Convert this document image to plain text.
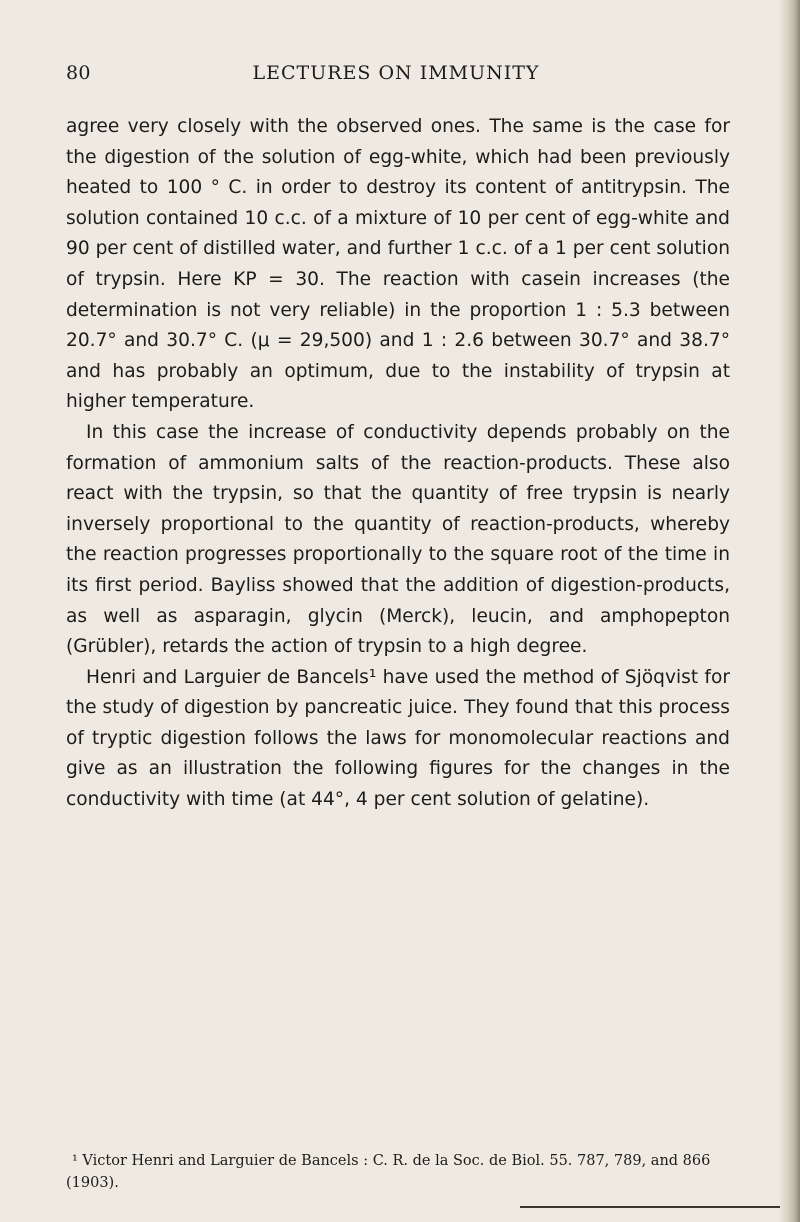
80	LECTURES ON IMMUNITY

agree very closely with the observed ones. The same is the case for the digestion of the solution of egg-white, which had been previously heated to 100 ° C. in order to destroy its content of antitrypsin. The solution contained 10 c.c. of a mixture of 10 per cent of egg-white and 90 per cent of distilled water, and further 1 c.c. of a 1 per cent solution of trypsin. Here KP = 30. The reaction with casein increases (the determination is not very reliable) in the proportion 1 : 5.3 between 20.7° and 30.7° C. (μ = 29,500) and 1 : 2.6 between 30.7° and 38.7° and has probably an optimum, due to the instability of trypsin at higher temperature.

In this case the increase of conductivity depends probably on the formation of ammonium salts of the reaction-products. These also react with the trypsin, so that the quantity of free trypsin is nearly inversely proportional to the quantity of reaction-products, whereby the reaction progresses proportionally to the square root of the time in its first period. Bayliss showed that the addition of digestion-products, as well as asparagin, glycin (Merck), leucin, and amphopepton (Grübler), retards the action of trypsin to a high degree.

Henri and Larguier de Bancels¹ have used the method of Sjöqvist for the study of digestion by pancreatic juice. They found that this process of tryptic digestion follows the laws for monomolecular reactions and give as an illustration the following figures for the changes in the conductivity with time (at 44°, 4 per cent solution of gelatine).

¹ Victor Henri and Larguier de Bancels : C. R. de la Soc. de Biol. 55. 787, 789, and 866 (1903).
